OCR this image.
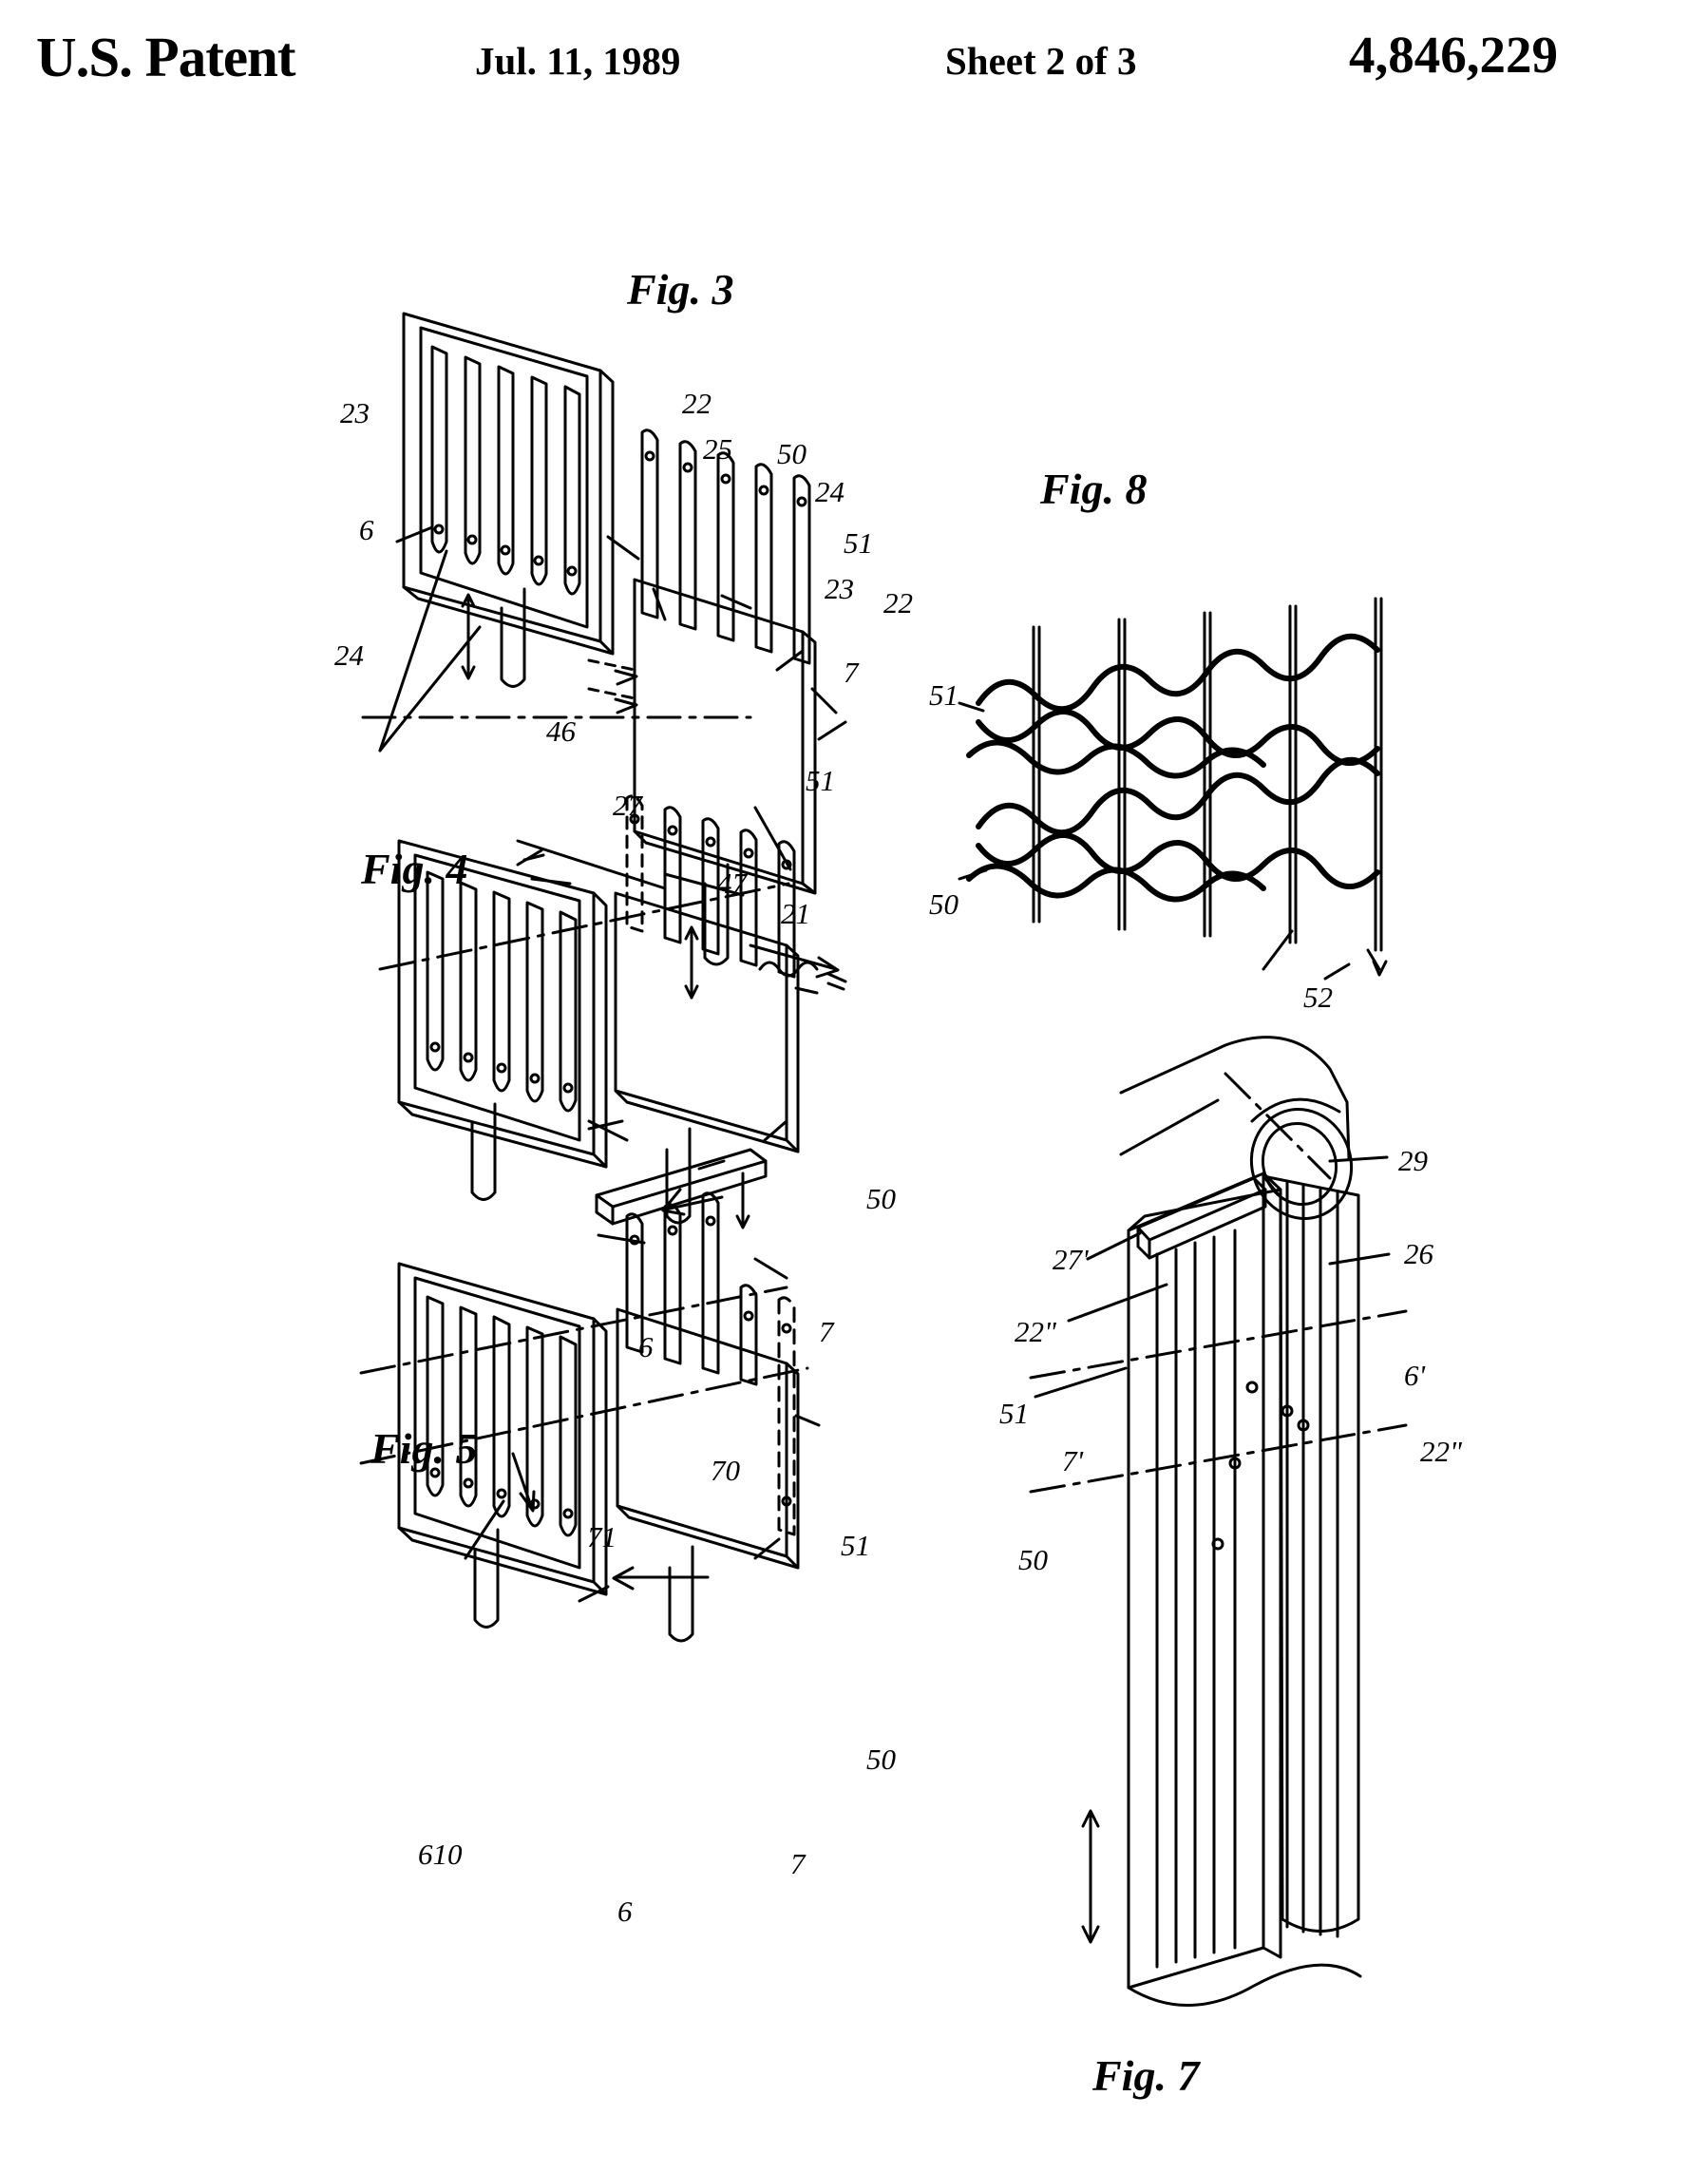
U.S. Patent	Jul. 11, 1989	Sheet 2 of 3	4,846,229
Fig. 3
Fig. 4
Fig. 5
Fig. 7
Fig. 8
23	22
25 50
24
6	51
23 22
24
7
46
27
47
21
51
50
6	7
70
71	51
50
610
6
7
29
26
27'
22"
6'
51
22"
7'
50
51
50
52
